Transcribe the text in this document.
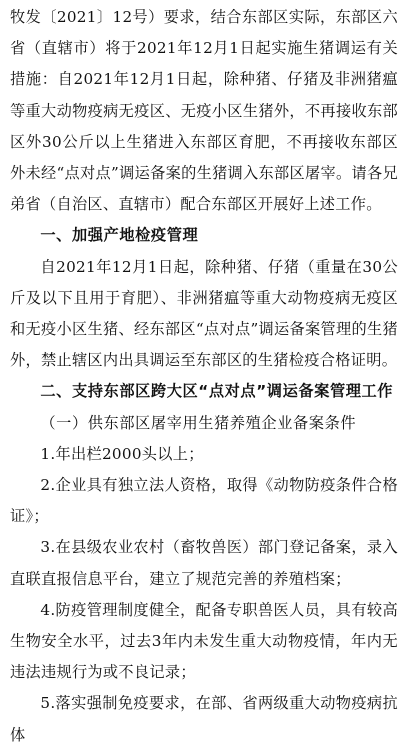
牧发〔2021〕12号）要求，结合东部区实际，东部区六省（直辖市）将于2021年12月1日起实施生猪调运有关措施：自2021年12月1日起，除种猪、仔猪及非洲猪瘟等重大动物疫病无疫区、无疫小区生猪外，不再接收东部区外30公斤以上生猪进入东部区育肥，不再接收东部区外未经“点对点”调运备案的生猪调入东部区屠宰。请各兄弟省（自治区、直辖市）配合东部区开展好上述工作。

一、加强产地检疫管理

自2021年12月1日起，除种猪、仔猪（重量在30公斤及以下且用于育肥）、非洲猪瘟等重大动物疫病无疫区和无疫小区生猪、经东部区“点对点”调运备案管理的生猪外，禁止辖区内出具调运至东部区的生猪检疫合格证明。

二、支持东部区跨大区“点对点”调运备案管理工作

（一）供东部区屠宰用生猪养殖企业备案条件

1.年出栏2000头以上；

2.企业具有独立法人资格，取得《动物防疫条件合格证》；

3.在县级农业农村（畜牧兽医）部门登记备案，录入直联直报信息平台，建立了规范完善的养殖档案；

4.防疫管理制度健全，配备专职兽医人员，具有较高生物安全水平，过去3年内未发生重大动物疫情，年内无违法违规行为或不良记录；

5.落实强制免疫要求，在部、省两级重大动物疫病抗体
